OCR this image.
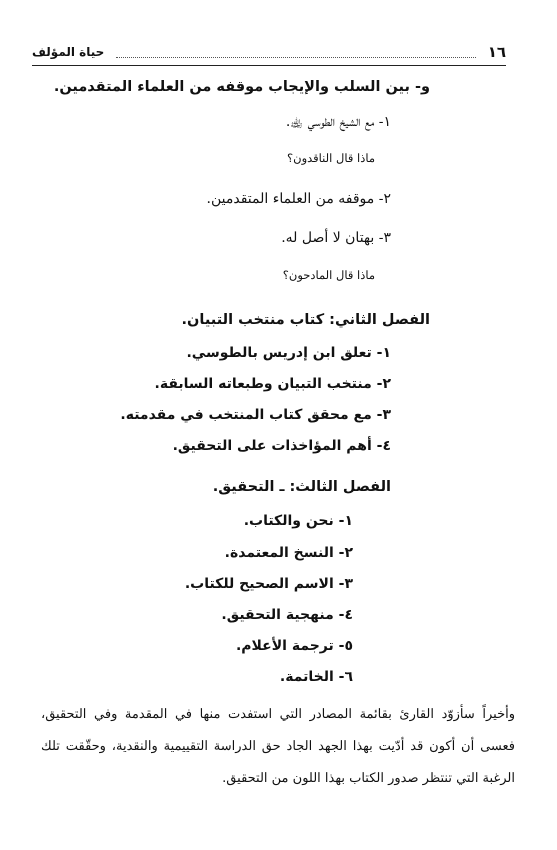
١٦
حياة المؤلف
و- بين السلب والإيجاب موقفه من العلماء المتقدمين.
١- مع الشيخ الطوسي ﵀.
ماذا قال الناقدون؟
٢- موقفه من العلماء المتقدمين.
٣- بهتان لا أصل له.
ماذا قال المادحون؟
الفصل الثاني: كتاب منتخب التبيان.
١- تعلق ابن إدريس بالطوسي.
٢- منتخب التبيان وطبعاته السابقة.
٣- مع محقق كتاب المنتخب في مقدمته.
٤- أهم المؤاخذات على التحقيق.
الفصل الثالث: ـ التحقيق.
١- نحن والكتاب.
٢- النسخ المعتمدة.
٣- الاسم الصحيح للكتاب.
٤- منهجية التحقيق.
٥- ترجمة الأعلام.
٦- الخاتمة.

وأخيراً سأزوّد القارئ بقائمة المصادر التي استفدت منها في المقدمة وفي التحقيق، فعسى أن أكون قد أدّيت بهذا الجهد الجاد حق الدراسة التقييمية والنقدية، وحقّقت تلك الرغبة التي تنتظر صدور الكتاب بهذا اللون من التحقيق.
